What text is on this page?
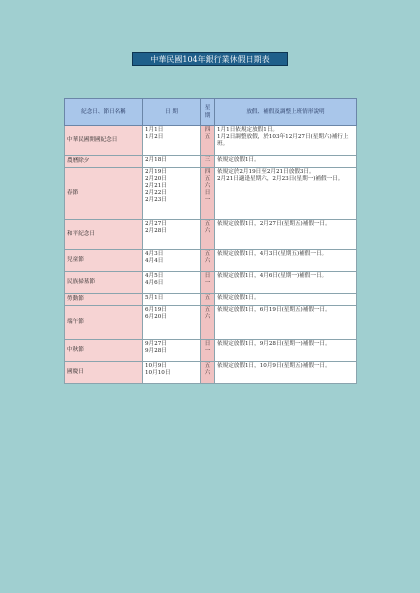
中華民國104年銀行業休假日期表
紀念日、節日名稱	日 期	星期	放假、補假及調整上班情形說明
中華民國開國紀念日	1月1日
1月2日	四五	1月1日依規定放假1日。
1月2日調整放假，於103年12月27日(星期六)補行上班。

農曆除夕	2月18日	三	依規定放假1日。

春節	2月19日
2月20日
2月21日
2月22日
2月23日	四五六日一	依規定於2月19日至2月21日放假3日。
2月21日適逢星期六，2月23日(星期一)補假一日。

和平紀念日	2月27日
2月28日	五六	依規定放假1日，2月27日(星期五)補假一日。

兒童節	4月3日
4月4日	五六	依規定放假1日，4月3日(星期五)補假一日。

民族掃墓節	4月5日
4月6日	日一	依規定放假1日，4月6日(星期一)補假一日。

勞動節	5月1日	五	依規定放假1日。

端午節	6月19日
6月20日	五六	依規定放假1日，6月19日(星期五)補假一日。

中秋節	9月27日
9月28日	日一	依規定放假1日，9月28日(星期一)補假一日。

國慶日	10月9日
10月10日	五六	依規定放假1日，10月9日(星期五)補假一日。
